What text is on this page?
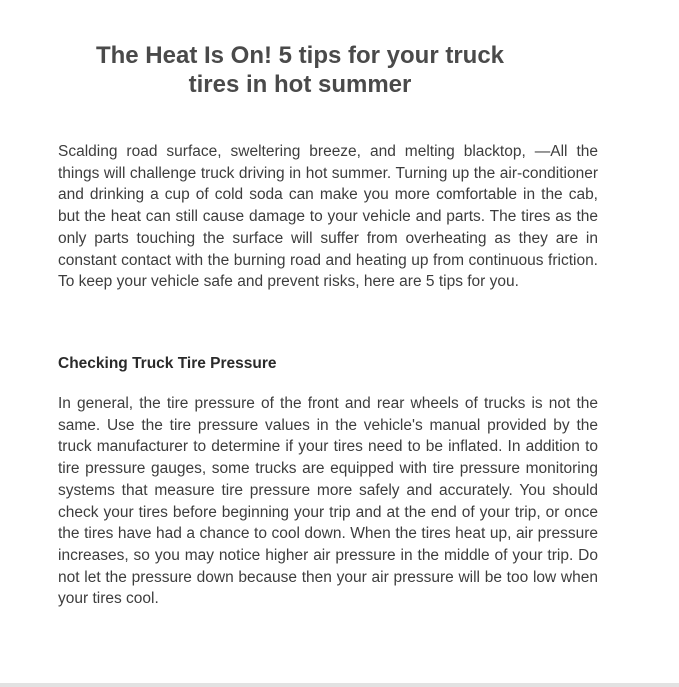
The Heat Is On! 5 tips for your truck
tires in hot summer

Scalding road surface, sweltering breeze, and melting blacktop, —All the things will challenge truck driving in hot summer. Turning up the air-conditioner and drinking a cup of cold soda can make you more comfortable in the cab, but the heat can still cause damage to your vehicle and parts. The tires as the only parts touching the surface will suffer from overheating as they are in constant contact with the burning road and heating up from continuous friction. To keep your vehicle safe and prevent risks, here are 5 tips for you.

Checking Truck Tire Pressure

In general, the tire pressure of the front and rear wheels of trucks is not the same. Use the tire pressure values in the vehicle's manual provided by the truck manufacturer to determine if your tires need to be inflated. In addition to tire pressure gauges, some trucks are equipped with tire pressure monitoring systems that measure tire pressure more safely and accurately. You should check your tires before beginning your trip and at the end of your trip, or once the tires have had a chance to cool down. When the tires heat up, air pressure increases, so you may notice higher air pressure in the middle of your trip. Do not let the pressure down because then your air pressure will be too low when your tires cool.
